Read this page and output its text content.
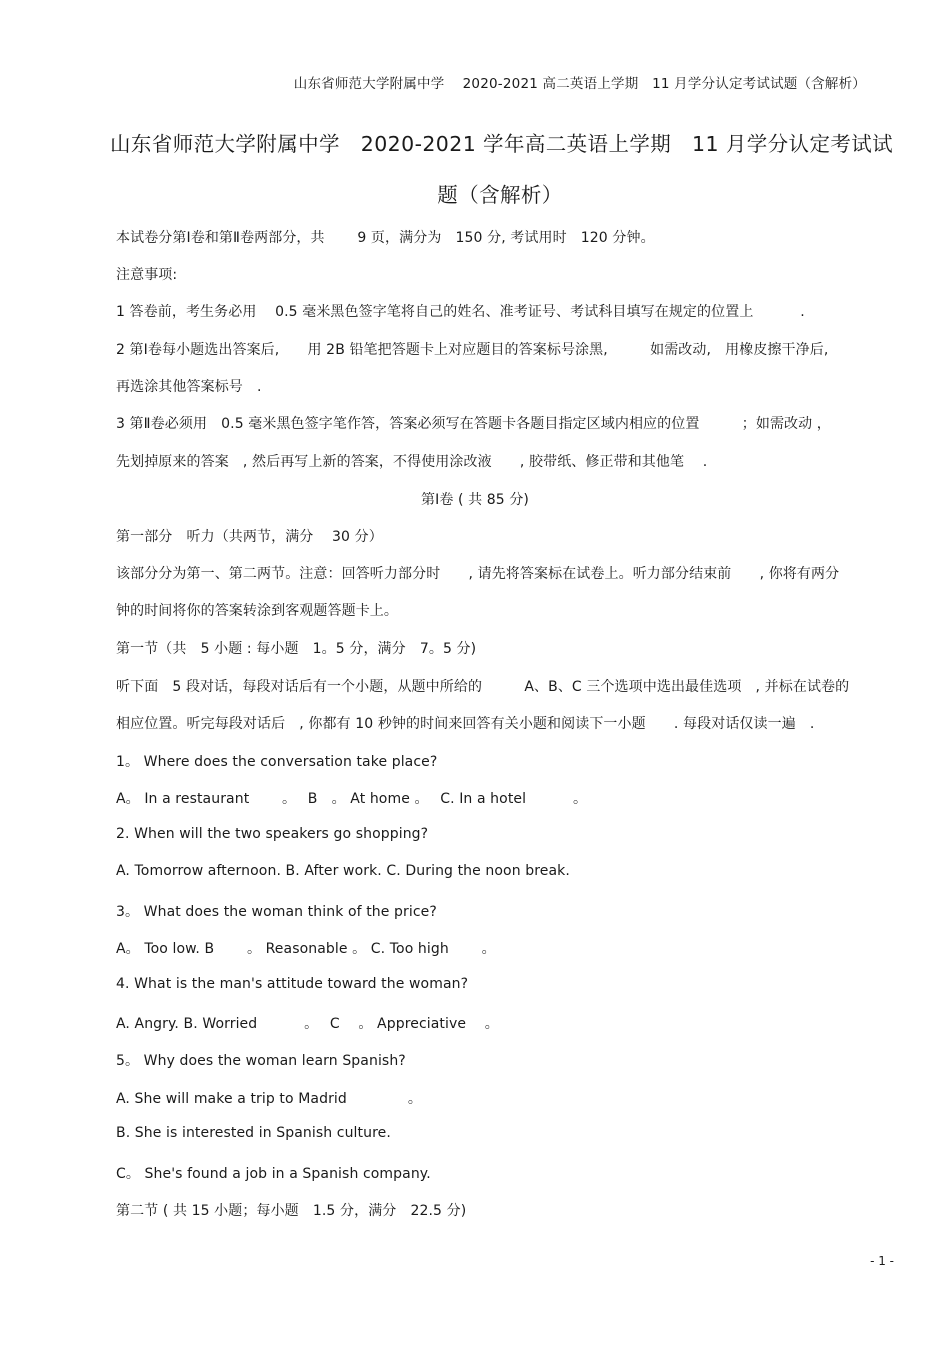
山东省师范大学附属中学　 2020-2021 高二英语上学期　11 月学分认定考试试题（含解析）
山东省师范大学附属中学　2020-2021 学年高二英语上学期　11 月学分认定考试试
题（含解析）
本试卷分第Ⅰ卷和第Ⅱ卷两部分，共　　 9 页，满分为　150 分, 考试用时　120 分钟。
注意事项:
1 答卷前，考生务必用　 0.5 毫米黑色签字笔将自己的姓名、准考证号、考试科目填写在规定的位置上　　　 .
2 第Ⅰ卷每小题选出答案后,　　用 2B 铅笔把答题卡上对应题目的答案标号涂黑,　　　如需改动,　用橡皮擦干净后,
再选涂其他答案标号　.
3 第Ⅱ卷必须用　0.5 毫米黑色签字笔作答，答案必须写在答题卡各题目指定区域内相应的位置　　　；如需改动 ，
先划掉原来的答案　, 然后再写上新的答案，不得使用涂改液　　, 胶带纸、修正带和其他笔　 .
第Ⅰ卷 ( 共 85 分)
第一部分　听力（共两节，满分　 30 分）
该部分分为第一、第二两节。注意：回答听力部分时　　, 请先将答案标在试卷上。听力部分结束前　　, 你将有两分
钟的时间将你的答案转涂到客观题答题卡上。
第一节（共　5 小题 : 每小题　1。5 分，满分　7。5 分)
听下面　5 段对话，每段对话后有一个小题，从题中所给的　　　A、B、C 三个选项中选出最佳选项　, 并标在试卷的
相应位置。听完每段对话后　, 你都有 10 秒钟的时间来回答有关小题和阅读下一小题　　. 每段对话仅读一遍　.
1。 Where does the conversation take place?
A。 In a restaurant　　 。　 B　。 At home 。　 C. In a hotel　　　 。
2. When will the two speakers go shopping?
A. Tomorrow afternoon. B. After work. C. During the noon break.
3。 What does the woman think of the price?
A。 Too low. B　　 。 Reasonable 。 C. Too high　　 。
4. What is the man's attitude toward the woman?
A. Angry. B. Worried　　　 。　 C　 。 Appreciative　 。
5。 Why does the woman learn Spanish?
A. She will make a trip to Madrid　　　　 。
B. She is interested in Spanish culture.
C。 She's found a job in a Spanish company.
第二节 ( 共 15 小题；每小题　1.5 分，满分　22.5 分)
- 1 -
